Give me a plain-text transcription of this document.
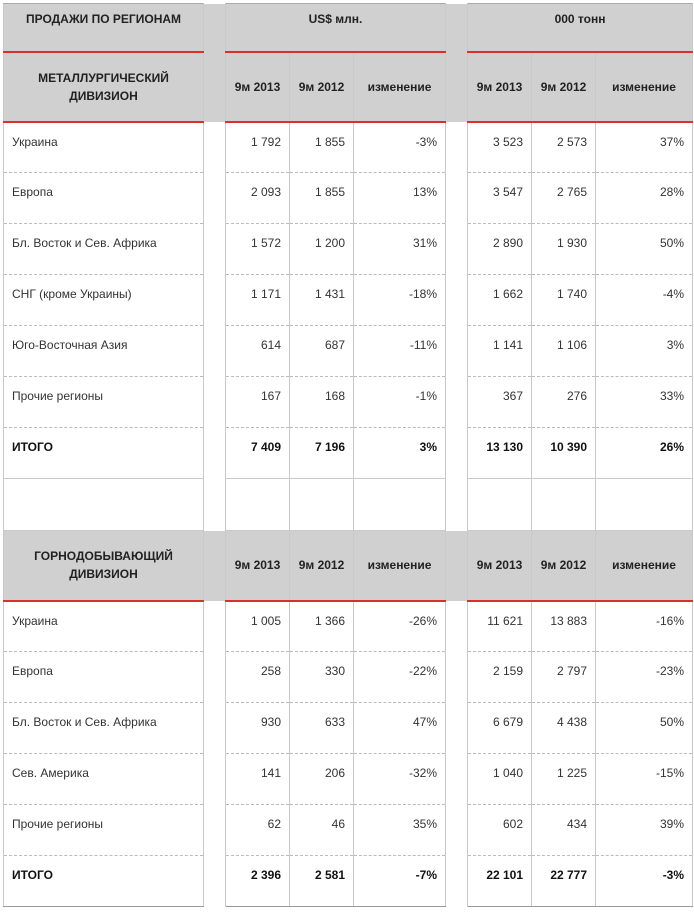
ПРОДАЖИ ПО РЕГИОНАМ		US$ млн.				000 тонн		
МЕТАЛЛУРГИЧЕСКИЙ
ДИВИЗИОН		9м 2013	9м 2012	изменение		9м 2013	9м 2012	изменение
Украина		1 792	1 855	-3%		3 523	2 573	37%
Европа		2 093	1 855	13%		3 547	2 765	28%
Бл. Восток и Сев. Африка		1 572	1 200	31%		2 890	1 930	50%
СНГ (кроме Украины)		1 171	1 431	-18%		1 662	1 740	-4%
Юго-Восточная Азия		614	687	-11%		1 141	1 106	3%
Прочие регионы		167	168	-1%		367	276	33%
ИТОГО		7 409	7 196	3%		13 130	10 390	26%

ГОРНОДОБЫВАЮЩИЙ
ДИВИЗИОН		9м 2013	9м 2012	изменение		9м 2013	9м 2012	изменение
Украина		1 005	1 366	-26%		11 621	13 883	-16%
Европа		258	330	-22%		2 159	2 797	-23%
Бл. Восток и Сев. Африка		930	633	47%		6 679	4 438	50%
Сев. Америка		141	206	-32%		1 040	1 225	-15%
Прочие регионы		62	46	35%		602	434	39%
ИТОГО		2 396	2 581	-7%		22 101	22 777	-3%
